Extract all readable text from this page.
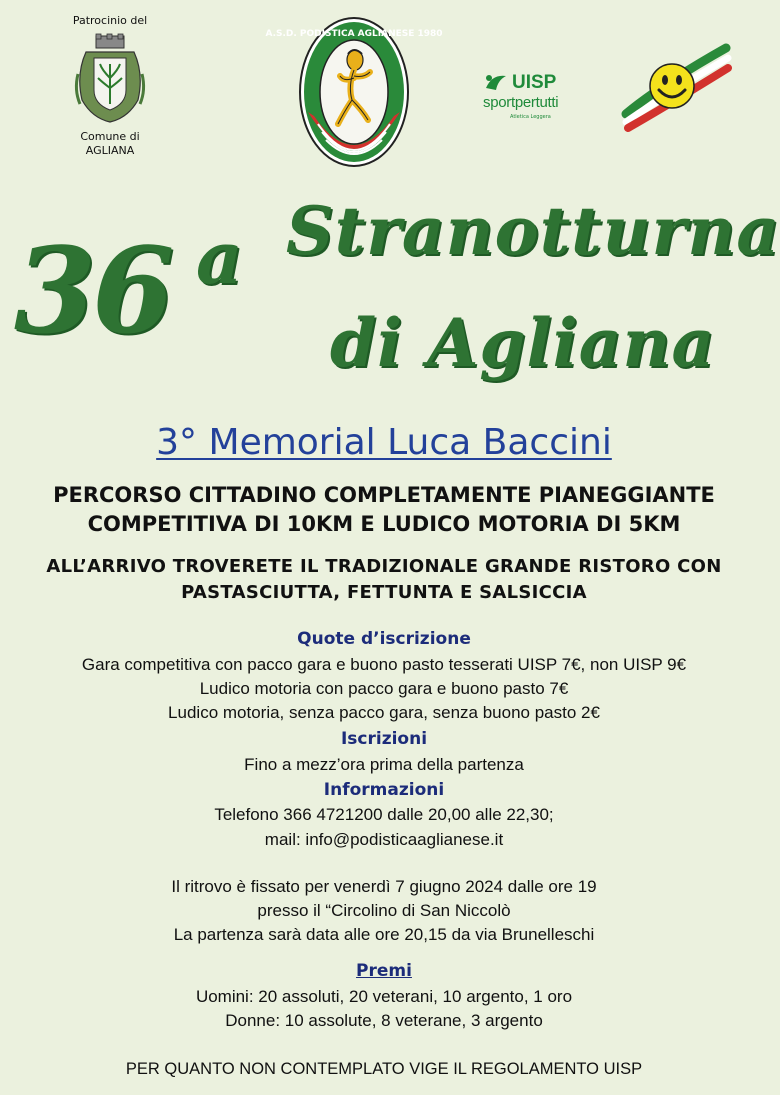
Patrocinio del
Comune di
AGLIANA
A.S.D. PODISTICA AGLIANESE 1980
UISP
sportpertutti
Atletica Leggera
36 a Stranotturna
di Agliana
3° Memorial Luca Baccini
PERCORSO CITTADINO COMPLETAMENTE PIANEGGIANTE
COMPETITIVA DI 10KM E LUDICO MOTORIA DI 5KM
ALL’ARRIVO TROVERETE IL TRADIZIONALE GRANDE RISTORO CON
PASTASCIUTTA, FETTUNTA E SALSICCIA
Quote d’iscrizione
Gara competitiva con pacco gara e buono pasto tesserati UISP 7€, non UISP 9€
Ludico motoria con pacco gara e buono pasto 7€
Ludico motoria, senza pacco gara, senza buono pasto 2€
Iscrizioni
Fino a mezz’ora prima della partenza
Informazioni
Telefono 366 4721200 dalle 20,00 alle 22,30;
mail: info@podisticaaglianese.it
Il ritrovo è fissato per venerdì 7 giugno 2024 dalle ore 19
presso il “Circolino di San Niccolò
La partenza sarà data alle ore 20,15 da via Brunelleschi
Premi
Uomini: 20 assoluti, 20 veterani, 10 argento, 1 oro
Donne: 10 assolute, 8 veterane, 3 argento
PER QUANTO NON CONTEMPLATO VIGE IL REGOLAMENTO UISP
